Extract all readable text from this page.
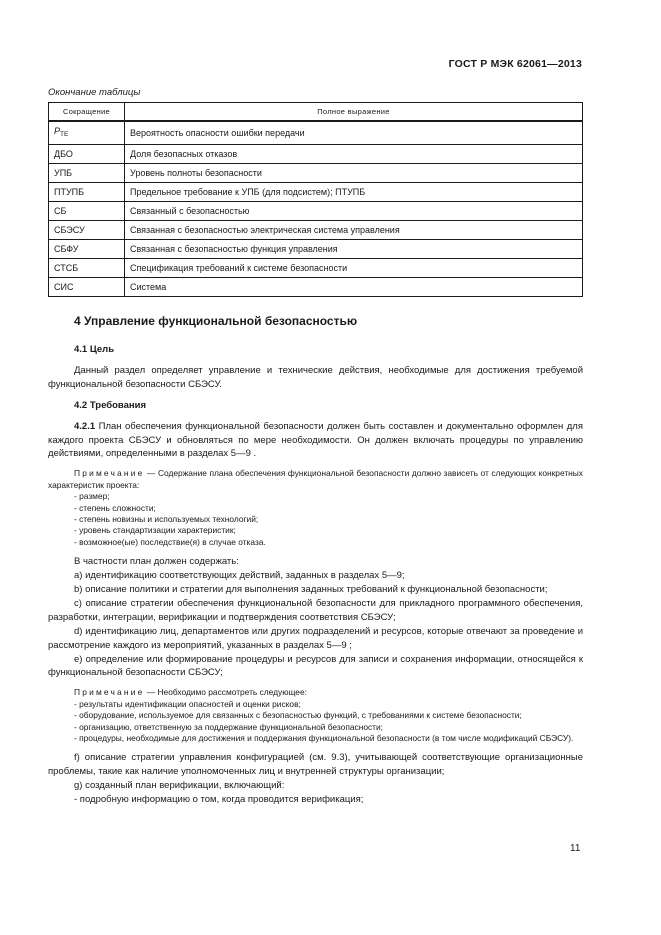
ГОСТ Р МЭК 62061—2013
Окончание таблицы
Сокращение	Полное выражение
$P_{TE}$	Вероятность опасности ошибки передачи
ДБО	Доля безопасных отказов
УПБ	Уровень полноты безопасности
ПТУПБ	Предельное требование к УПБ (для подсистем); ПТУПБ
СБ	Связанный с безопасностью
СБЭСУ	Связанная с безопасностью электрическая система управления
СБФУ	Связанная с безопасностью функция управления
СТСБ	Спецификация требований к системе безопасности
СИС	Система

4 Управление функциональной безопасностью

4.1 Цель

Данный раздел определяет управление и технические действия, необходимые для достижения требуемой функциональной безопасности СБЭСУ.

4.2 Требования

4.2.1 План обеспечения функциональной безопасности должен быть составлен и документально оформлен для каждого проекта СБЭСУ и обновляться по мере необходимости. Он должен включать процедуры по управлению действиями, определенными в разделах 5—9 .

Примечание — Содержание плана обеспечения функциональной безопасности должно зависеть от следующих конкретных характеристик проекта:

- размер;

- степень сложности;

- степень новизны и используемых технологий;

- уровень стандартизации характеристик;

- возможное(ые) последствие(я) в случае отказа.

В частности план должен содержать:

a) идентификацию соответствующих действий, заданных в разделах 5—9;

b) описание политики и стратегии для выполнения заданных требований к функциональной безопасности;

c) описание стратегии обеспечения функциональной безопасности для прикладного программного обеспечения, разработки, интеграции, верификации и подтверждения соответствия СБЭСУ;

d) идентификацию лиц, департаментов или других подразделений и ресурсов, которые отвечают за проведение и рассмотрение каждого из мероприятий, указанных в разделах 5—9 ;

e) определение или формирование процедуры и ресурсов для записи и сохранения информации, относящейся к функциональной безопасности СБЭСУ;

Примечание — Необходимо рассмотреть следующее:

- результаты идентификации опасностей и оценки рисков;

- оборудование, используемое для связанных с безопасностью функций, с требованиями к системе безопасности;

- организацию, ответственную за поддержание функциональной безопасности;

- процедуры, необходимые для достижения и поддержания функциональной безопасности (в том числе модификаций СБЭСУ).

f) описание стратегии управления конфигурацией (см. 9.3), учитывающей соответствующие организационные проблемы, такие как наличие уполномоченных лиц и внутренней структуры организации;

g) созданный план верификации, включающий:

- подробную информацию о том, когда проводится верификация;

11
